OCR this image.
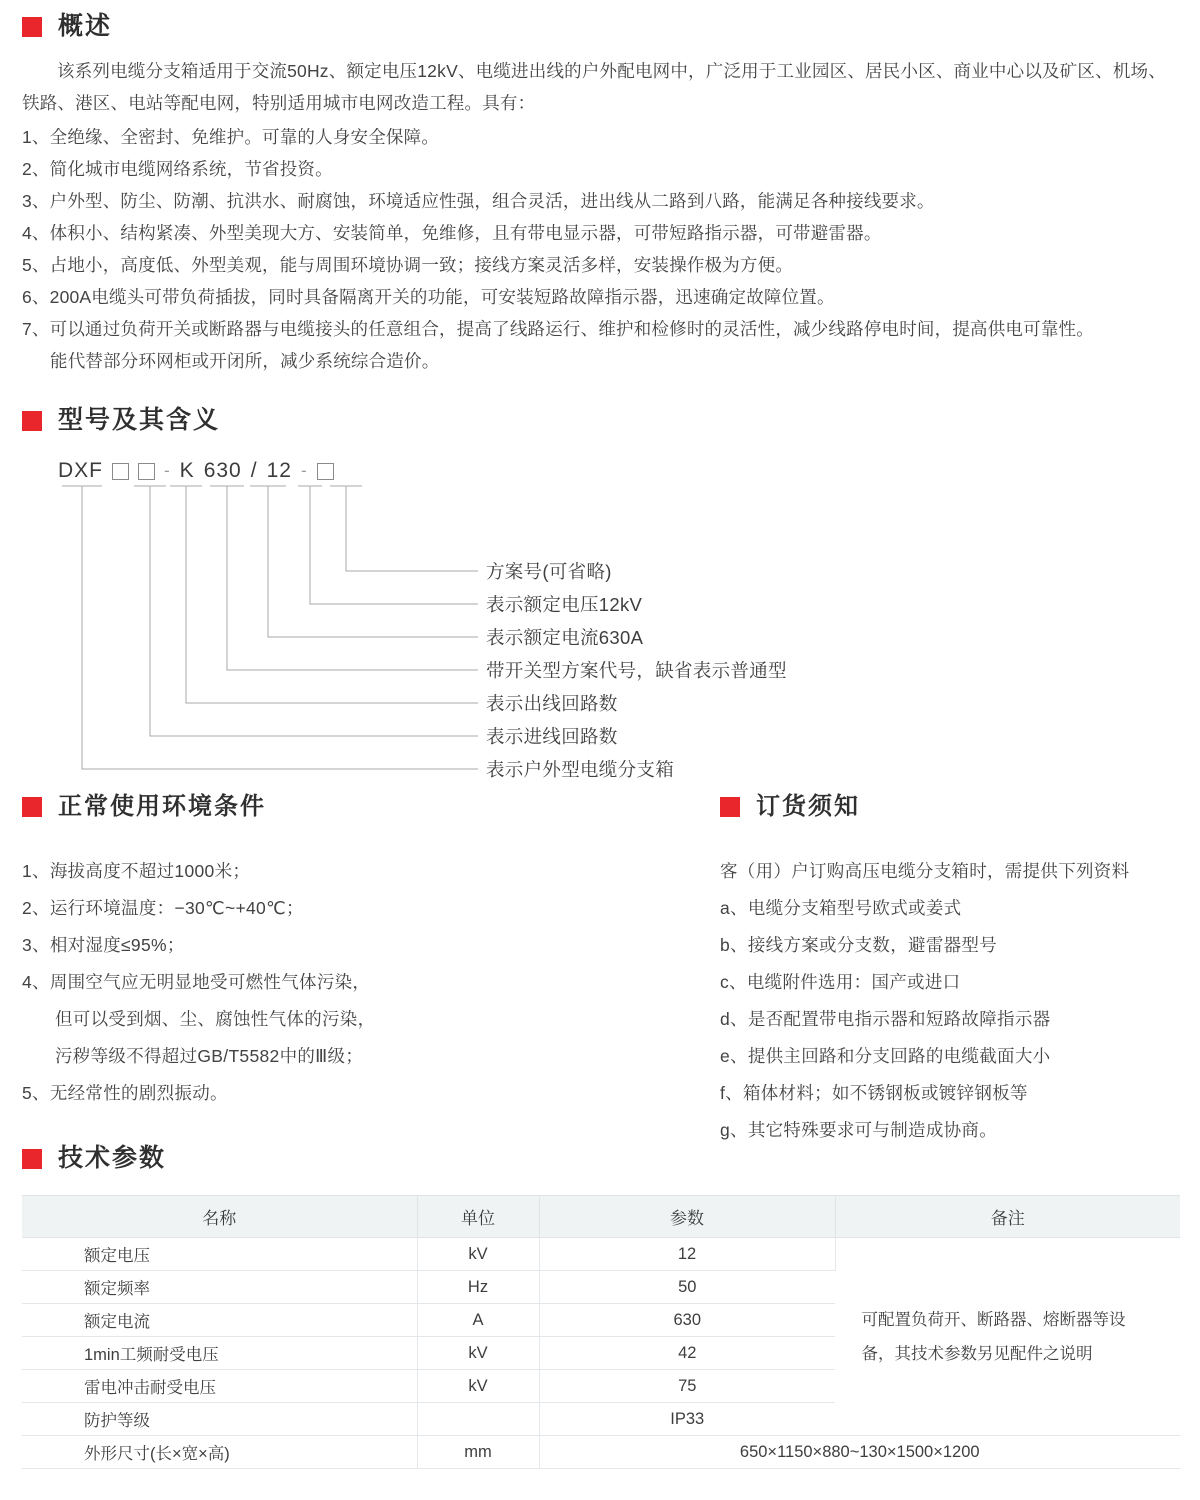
概述

该系列电缆分支箱适用于交流50Hz、额定电压12kV、电缆进出线的户外配电网中，广泛用于工业园区、居民小区、商业中心以及矿区、机场、铁路、港区、电站等配电网，特别适用城市电网改造工程。具有：

1、全绝缘、全密封、免维护。可靠的人身安全保障。

2、简化城市电缆网络系统，节省投资。

3、户外型、防尘、防潮、抗洪水、耐腐蚀，环境适应性强，组合灵活，进出线从二路到八路，能满足各种接线要求。

4、体积小、结构紧凑、外型美现大方、安装简单，免维修，且有带电显示器，可带短路指示器，可带避雷器。

5、占地小，高度低、外型美观，能与周围环境协调一致；接线方案灵活多样，安装操作极为方便。

6、200A电缆头可带负荷插拔，同时具备隔离开关的功能，可安装短路故障指示器，迅速确定故障位置。

7、可以通过负荷开关或断路器与电缆接头的任意组合，提高了线路运行、维护和检修时的灵活性，减少线路停电时间，提高供电可靠性。

能代替部分环网柜或开闭所，减少系统综合造价。

型号及其含义
DXF	- K 630 / 12 -
方案号(可省略)
表示额定电压12kV
表示额定电流630A
带开关型方案代号，缺省表示普通型
表示出线回路数
表示进线回路数
表示户外型电缆分支箱
正常使用环境条件
1、海拔高度不超过1000米；
2、运行环境温度：−30℃~+40℃；
3、相对湿度≤95%；
4、周围空气应无明显地受可燃性气体污染，
但可以受到烟、尘、腐蚀性气体的污染，
污秽等级不得超过GB/T5582中的Ⅲ级；
5、无经常性的剧烈振动。
订货须知
客（用）户订购高压电缆分支箱时，需提供下列资料
a、电缆分支箱型号欧式或姜式
b、接线方案或分支数，避雷器型号
c、电缆附件选用：国产或进口
d、是否配置带电指示器和短路故障指示器
e、提供主回路和分支回路的电缆截面大小
f、箱体材料；如不锈钢板或镀锌钢板等
g、其它特殊要求可与制造成协商。
技术参数
名称	单位	参数	备注
额定电压	kV	12	可配置负荷开、断路器、熔断器等设备，其技术参数另见配件之说明
额定频率	Hz	50	
额定电流	A	630	
1min工频耐受电压	kV	42	
雷电冲击耐受电压	kV	75	
防护等级		IP33	
外形尺寸(长×宽×高)	mm	650×1150×880~130×1500×1200	
